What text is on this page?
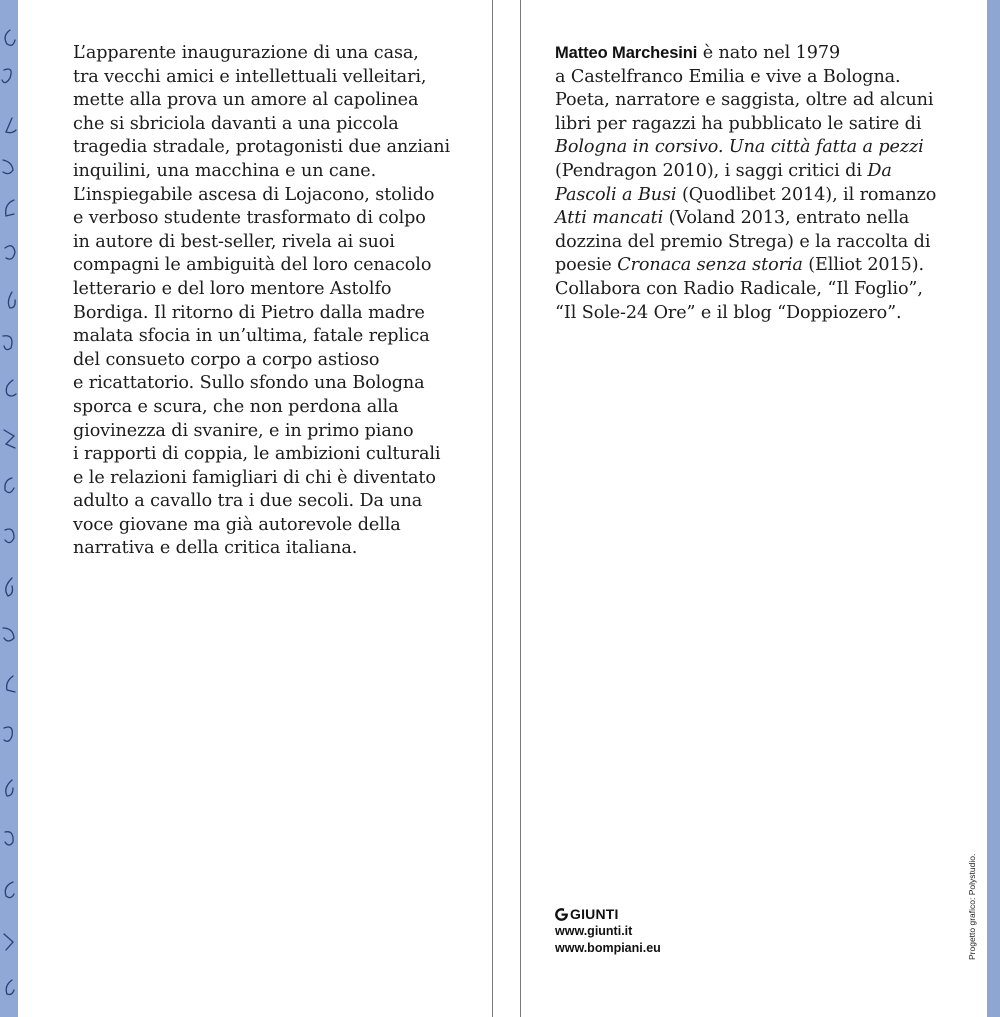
L’apparente inaugurazione di una casa,

tra vecchi amici e intellettuali velleitari,

mette alla prova un amore al capolinea

che si sbriciola davanti a una piccola

tragedia stradale, protagonisti due anziani

inquilini, una macchina e un cane.

L’inspiegabile ascesa di Lojacono, stolido

e verboso studente trasformato di colpo

in autore di best-seller, rivela ai suoi

compagni le ambiguità del loro cenacolo

letterario e del loro mentore Astolfo

Bordiga. Il ritorno di Pietro dalla madre

malata sfocia in un’ultima, fatale replica

del consueto corpo a corpo astioso

e ricattatorio. Sullo sfondo una Bologna

sporca e scura, che non perdona alla

giovinezza di svanire, e in primo piano

i rapporti di coppia, le ambizioni culturali

e le relazioni famigliari di chi è diventato

adulto a cavallo tra i due secoli. Da una

voce giovane ma già autorevole della

narrativa e della critica italiana.

Matteo Marchesini è nato nel 1979

a Castelfranco Emilia e vive a Bologna.

Poeta, narratore e saggista, oltre ad alcuni

libri per ragazzi ha pubblicato le satire di

Bologna in corsivo. Una città fatta a pezzi

(Pendragon 2010), i saggi critici di Da

Pascoli a Busi (Quodlibet 2014), il romanzo

Atti mancati (Voland 2013, entrato nella

dozzina del premio Strega) e la raccolta di

poesie Cronaca senza storia (Elliot 2015).

Collabora con Radio Radicale, “Il Foglio”,

“Il Sole-24 Ore” e il blog “Doppiozero”.

GIUNTI
www.giunti.it
www.bompiani.eu	Progetto grafico: Polystudio.
